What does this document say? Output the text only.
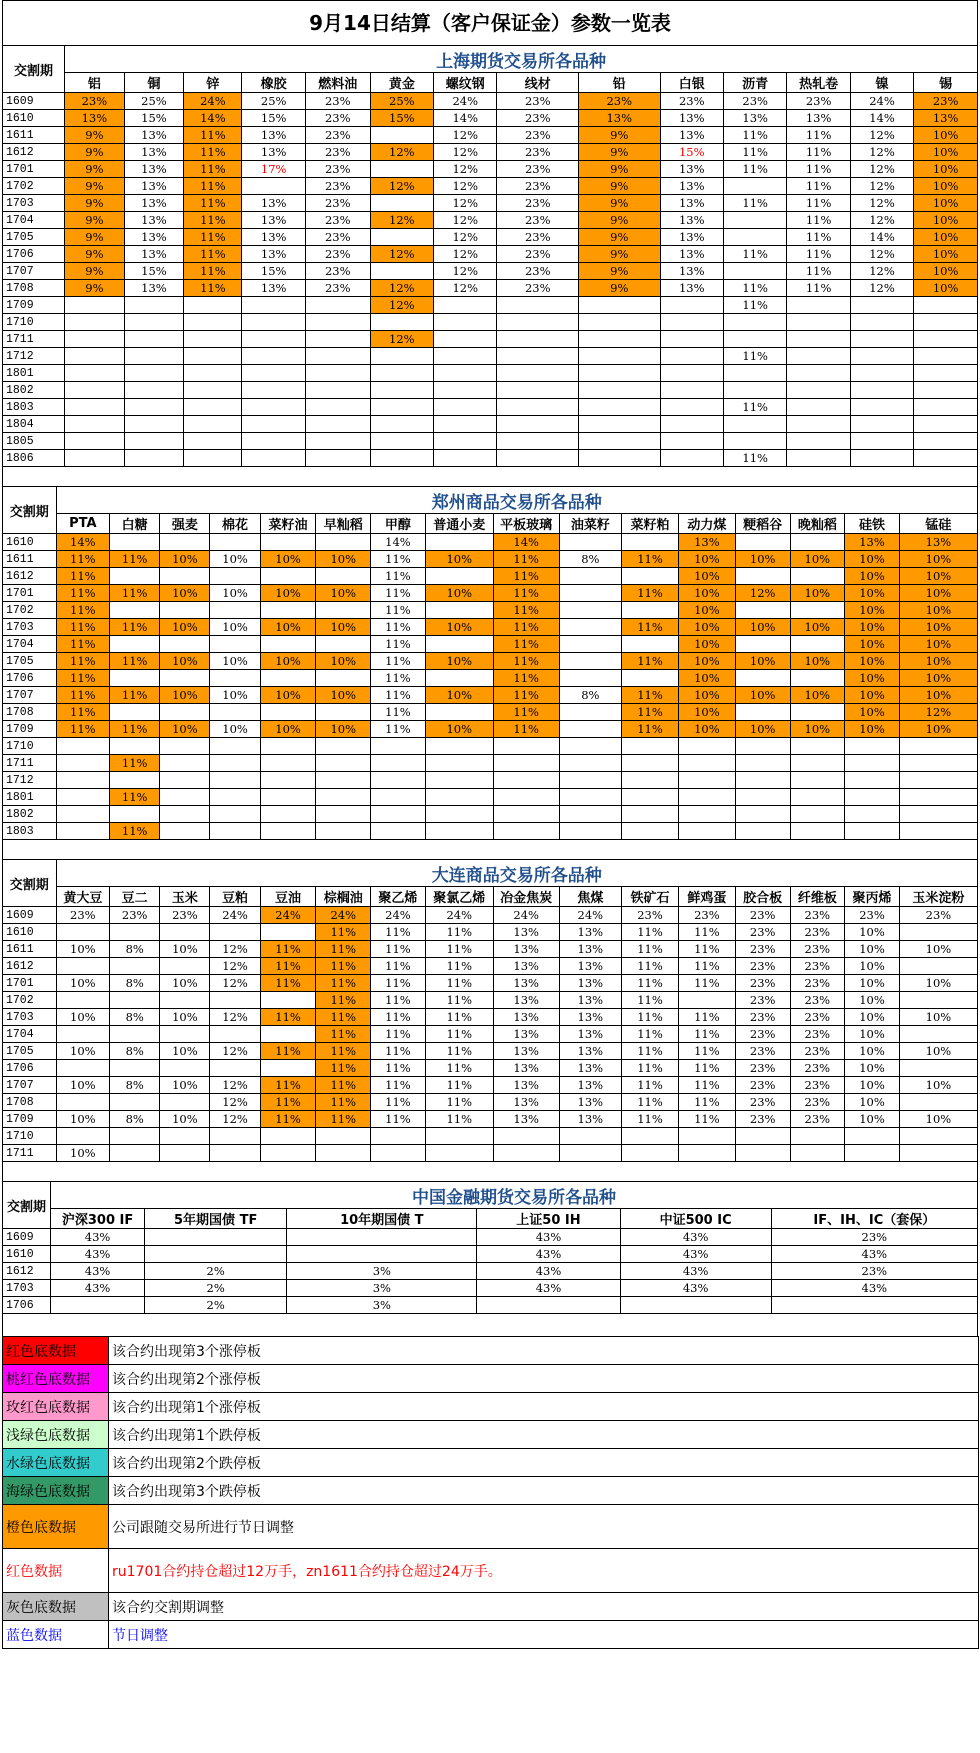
9月14日结算（客户保证金）参数一览表
交割期	上海期货交易所各品种													
	铝	铜	锌	橡胶	燃料油	黄金	螺纹钢	线材	铅	白银	沥青	热轧卷	镍	锡
1609	23%	25%	24%	25%	23%	25%	24%	23%	23%	23%	23%	23%	24%	23%
1610	13%	15%	14%	15%	23%	15%	14%	23%	13%	13%	13%	13%	14%	13%
1611	9%	13%	11%	13%	23%		12%	23%	9%	13%	11%	11%	12%	10%
1612	9%	13%	11%	13%	23%	12%	12%	23%	9%	15%	11%	11%	12%	10%
1701	9%	13%	11%	17%	23%		12%	23%	9%	13%	11%	11%	12%	10%
1702	9%	13%	11%		23%	12%	12%	23%	9%	13%		11%	12%	10%
1703	9%	13%	11%	13%	23%		12%	23%	9%	13%	11%	11%	12%	10%
1704	9%	13%	11%	13%	23%	12%	12%	23%	9%	13%		11%	12%	10%
1705	9%	13%	11%	13%	23%		12%	23%	9%	13%		11%	14%	10%
1706	9%	13%	11%	13%	23%	12%	12%	23%	9%	13%	11%	11%	12%	10%
1707	9%	15%	11%	15%	23%		12%	23%	9%	13%		11%	12%	10%
1708	9%	13%	11%	13%	23%	12%	12%	23%	9%	13%	11%	11%	12%	10%
1709						12%					11%			
1710														
1711						12%								
1712											11%			
1801														
1802														
1803											11%			
1804														
1805														
1806											11%			
交割期	郑州商品交易所各品种															
	PTA	白糖	强麦	棉花	菜籽油	早籼稻	甲醇	普通小麦	平板玻璃	油菜籽	菜籽粕	动力煤	粳稻谷	晚籼稻	硅铁	锰硅
1610	14%						14%		14%			13%			13%	13%
1611	11%	11%	10%	10%	10%	10%	11%	10%	11%	8%	11%	10%	10%	10%	10%	10%
1612	11%						11%		11%			10%			10%	10%
1701	11%	11%	10%	10%	10%	10%	11%	10%	11%		11%	10%	12%	10%	10%	10%
1702	11%						11%		11%			10%			10%	10%
1703	11%	11%	10%	10%	10%	10%	11%	10%	11%		11%	10%	10%	10%	10%	10%
1704	11%						11%		11%			10%			10%	10%
1705	11%	11%	10%	10%	10%	10%	11%	10%	11%		11%	10%	10%	10%	10%	10%
1706	11%						11%		11%			10%			10%	10%
1707	11%	11%	10%	10%	10%	10%	11%	10%	11%	8%	11%	10%	10%	10%	10%	10%
1708	11%						11%		11%		11%	10%			10%	12%
1709	11%	11%	10%	10%	10%	10%	11%	10%	11%		11%	10%	10%	10%	10%	10%
1710																
1711		11%														
1712																
1801		11%														
1802																
1803		11%														
交割期	大连商品交易所各品种															
	黄大豆	豆二	玉米	豆粕	豆油	棕榈油	聚乙烯	聚氯乙烯	冶金焦炭	焦煤	铁矿石	鲜鸡蛋	胶合板	纤维板	聚丙烯	玉米淀粉
1609	23%	23%	23%	24%	24%	24%	24%	24%	24%	24%	23%	23%	23%	23%	23%	23%
1610						11%	11%	11%	13%	13%	11%	11%	23%	23%	10%	
1611	10%	8%	10%	12%	11%	11%	11%	11%	13%	13%	11%	11%	23%	23%	10%	10%
1612				12%	11%	11%	11%	11%	13%	13%	11%	11%	23%	23%	10%	
1701	10%	8%	10%	12%	11%	11%	11%	11%	13%	13%	11%	11%	23%	23%	10%	10%
1702						11%	11%	11%	13%	13%	11%		23%	23%	10%	
1703	10%	8%	10%	12%	11%	11%	11%	11%	13%	13%	11%	11%	23%	23%	10%	10%
1704						11%	11%	11%	13%	13%	11%	11%	23%	23%	10%	
1705	10%	8%	10%	12%	11%	11%	11%	11%	13%	13%	11%	11%	23%	23%	10%	10%
1706						11%	11%	11%	13%	13%	11%	11%	23%	23%	10%	
1707	10%	8%	10%	12%	11%	11%	11%	11%	13%	13%	11%	11%	23%	23%	10%	10%
1708				12%	11%	11%	11%	11%	13%	13%	11%	11%	23%	23%	10%	
1709	10%	8%	10%	12%	11%	11%	11%	11%	13%	13%	11%	11%	23%	23%	10%	10%
1710																
1711	10%															
交割期	中国金融期货交易所各品种					
	沪深300 IF	5年期国债 TF	10年期国债 T	上证50 IH	中证500 IC	IF、IH、IC（套保）
1609	43%			43%	43%	23%
1610	43%			43%	43%	43%
1612	43%	2%	3%	43%	43%	23%
1703	43%	2%	3%	43%	43%	43%
1706		2%	3%			
红色底数据	该合约出现第3个涨停板
桃红色底数据	该合约出现第2个涨停板
玫红色底数据	该合约出现第1个涨停板
浅绿色底数据	该合约出现第1个跌停板
水绿色底数据	该合约出现第2个跌停板
海绿色底数据	该合约出现第3个跌停板
橙色底数据	公司跟随交易所进行节日调整
红色数据	ru1701合约持仓超过12万手，zn1611合约持仓超过24万手。
灰色底数据	该合约交割期调整
蓝色数据	节日调整
